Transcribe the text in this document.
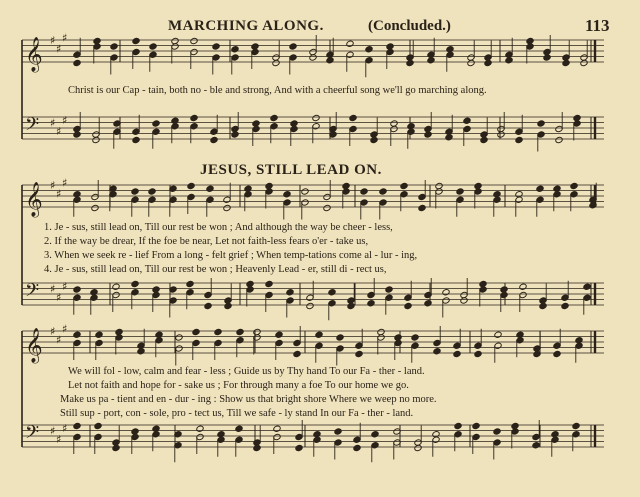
MARCHING ALONG.	(Concluded.)	113
𝄞 ♯
♯
♯
𝄢 ♯
♯
♯
𝄞 ♯
♯
♯
𝄢 ♯
♯
♯
𝄞 ♯
♯
♯
𝄢 ♯
♯
♯
Christ is our Cap - tain, both no - ble and strong, And with a cheerful song we'll go marching along.
JESUS, STILL LEAD ON.
1. Je - sus, still lead on, Till our rest be won ; And although the way be cheer - less,
2. If the way be drear, If the foe be near, Let not faith-less fears o'er - take us,
3. When we seek re - lief From a long - felt grief ; When temp-tations come al - lur - ing,
4. Je - sus, still lead on, Till our rest be won ; Heavenly Lead - er, still di - rect us,
We will fol - low, calm and fear - less ; Guide us by Thy hand To our Fa - ther - land.
Let not faith and hope for - sake us ; For through many a foe To our home we go.
Make us pa - tient and en - dur - ing : Show us that bright shore Where we weep no more.
Still sup - port, con - sole, pro - tect us, Till we safe - ly stand In our Fa - ther - land.
